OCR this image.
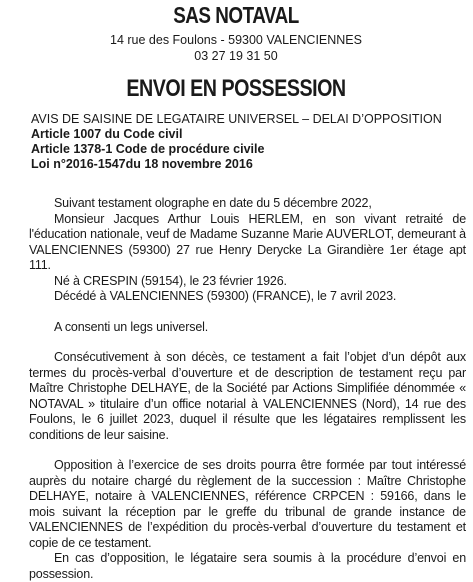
SAS NOTAVAL
14 rue des Foulons - 59300 VALENCIENNES
03 27 19 31 50
ENVOI EN POSSESSION
AVIS DE SAISINE DE LEGATAIRE UNIVERSEL – DELAI D’OPPOSITION
Article 1007 du Code civil
Article 1378-1 Code de procédure civile
Loi n°2016-1547du 18 novembre 2016

Suivant testament olographe en date du 5 décembre 2022,

Monsieur Jacques Arthur Louis HERLEM, en son vivant retraité de l'éducation nationale, veuf de Madame Suzanne Marie AUVERLOT, demeurant à VALENCIENNES (59300) 27 rue Henry Derycke La Girandière 1er étage apt 111.

Né à CRESPIN (59154), le 23 février 1926.

Décédé à VALENCIENNES (59300) (FRANCE), le 7 avril 2023.

A consenti un legs universel.

Consécutivement à son décès, ce testament a fait l’objet d’un dépôt aux termes du procès-verbal d’ouverture et de description de testament reçu par Maître Christophe DELHAYE, de la Société par Actions Simplifiée dénommée « NOTAVAL » titulaire d’un office notarial à VALENCIENNES (Nord), 14 rue des Foulons, le 6 juillet 2023, duquel il résulte que les légataires remplissent les conditions de leur saisine.

Opposition à l’exercice de ses droits pourra être formée par tout intéressé auprès du notaire chargé du règlement de la succession : Maître Christophe DELHAYE, notaire à VALENCIENNES, référence CRPCEN : 59166, dans le mois suivant la réception par le greffe du tribunal de grande instance de VALENCIENNES de l’expédition du procès-verbal d’ouverture du testament et copie de ce testament.

En cas d’opposition, le légataire sera soumis à la procédure d’envoi en possession.
